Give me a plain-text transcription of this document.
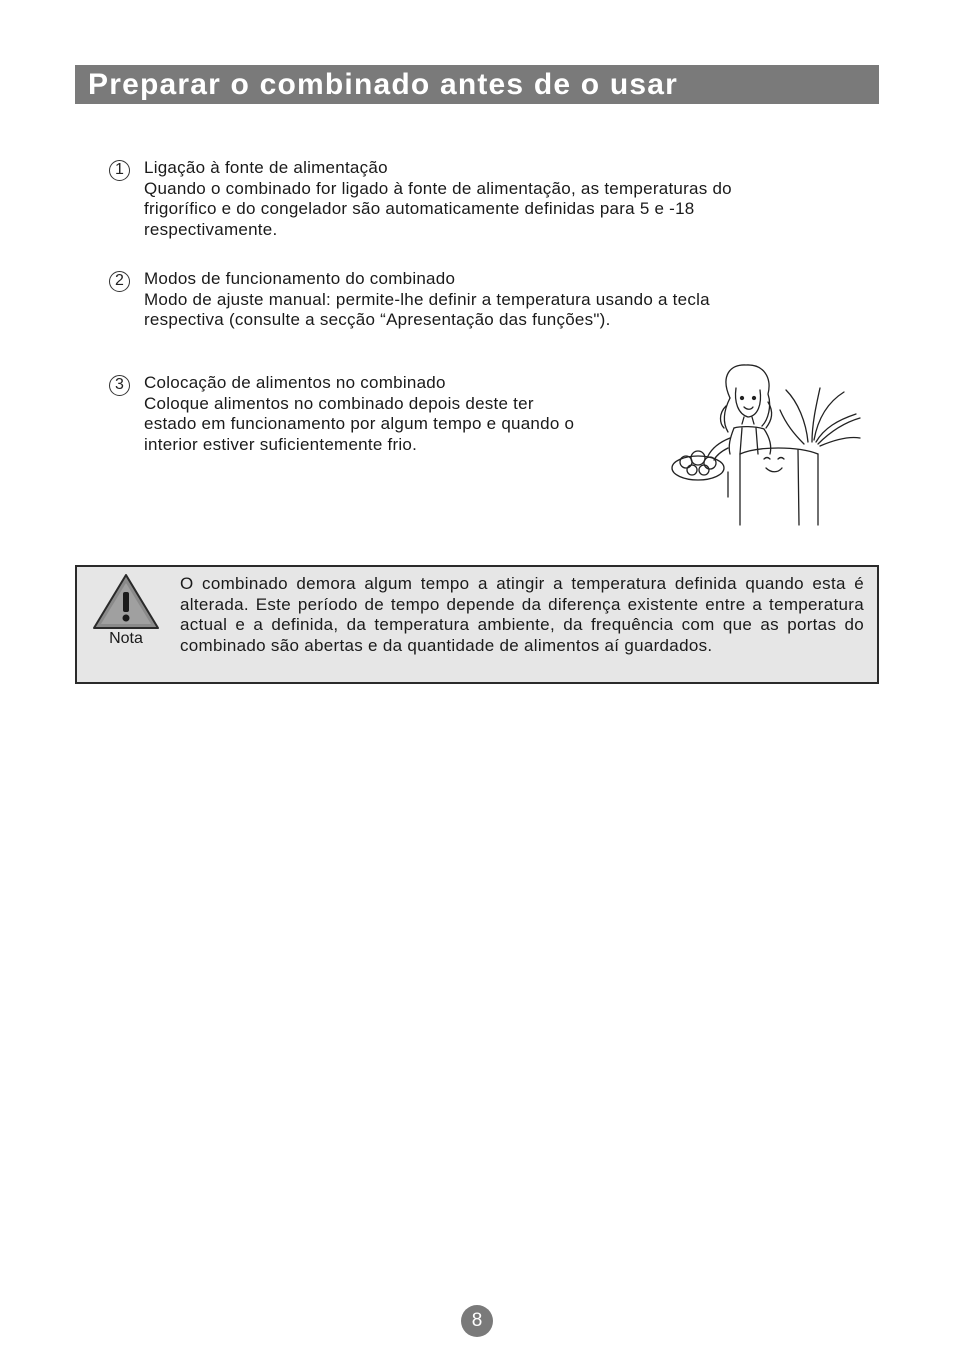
Preparar o combinado antes de o usar
1	Ligação à fonte de alimentação
Quando o combinado for ligado à fonte de alimentação, as temperaturas do
frigorífico e do congelador são automaticamente definidas para 5 e -18
respectivamente.
2	Modos de funcionamento do combinado
Modo de ajuste manual: permite-lhe definir a temperatura usando a tecla
respectiva (consulte a secção “Apresentação das funções").
3	Colocação de alimentos no combinado
Coloque alimentos no combinado depois deste ter
estado em funcionamento por algum tempo e quando o
interior estiver suficientemente frio.
Nota
O combinado demora algum tempo a atingir a temperatura definida quando esta é alterada. Este período de tempo depende da diferença existente entre a temperatura actual e a definida, da temperatura ambiente, da frequência com que as portas do combinado são abertas e da quantidade de alimentos aí guardados.
8
